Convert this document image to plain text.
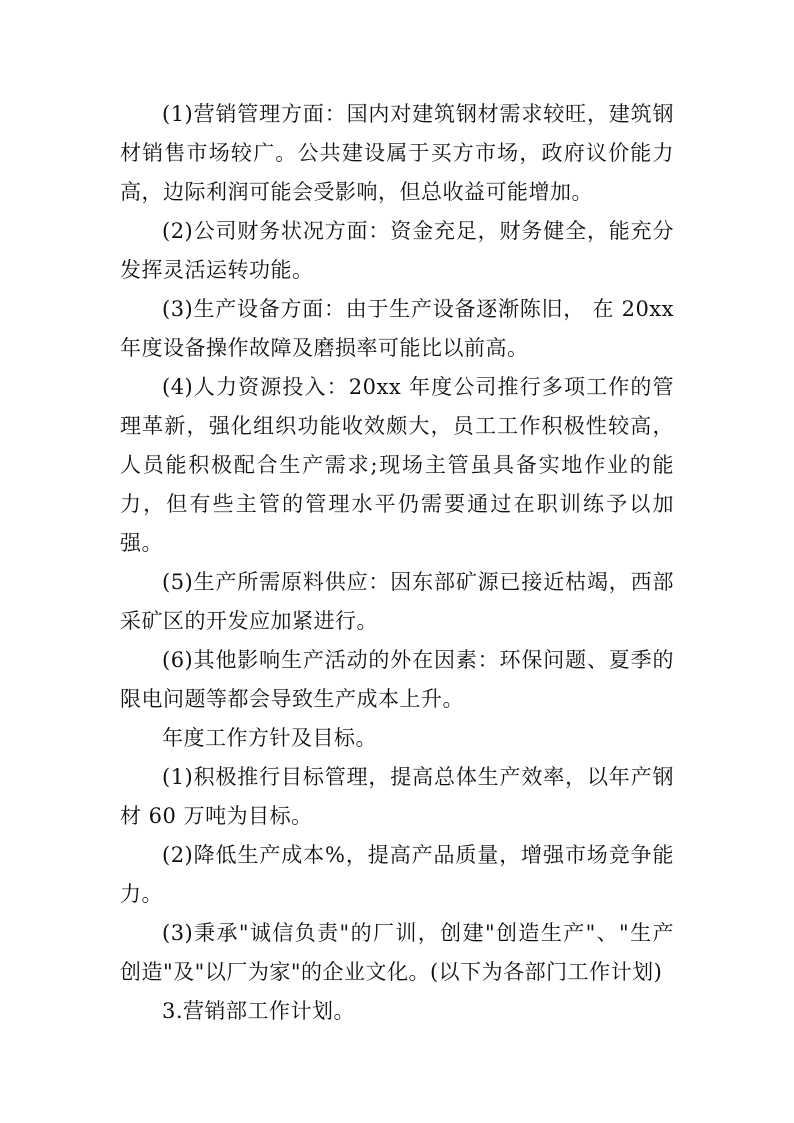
(1)营销管理方面：国内对建筑钢材需求较旺，建筑钢材销售市场较广。公共建设属于买方市场，政府议价能力高，边际利润可能会受影响，但总收益可能增加。

(2)公司财务状况方面：资金充足，财务健全，能充分发挥灵活运转功能。

(3)生产设备方面：由于生产设备逐渐陈旧， 在 20xx 年度设备操作故障及磨损率可能比以前高。

(4)人力资源投入：20xx 年度公司推行多项工作的管理革新，强化组织功能收效颇大，员工工作积极性较高，人员能积极配合生产需求;现场主管虽具备实地作业的能力，但有些主管的管理水平仍需要通过在职训练予以加强。

(5)生产所需原料供应：因东部矿源已接近枯竭，西部采矿区的开发应加紧进行。

(6)其他影响生产活动的外在因素：环保问题、夏季的限电问题等都会导致生产成本上升。

年度工作方针及目标。

(1)积极推行目标管理，提高总体生产效率，以年产钢材 60 万吨为目标。

(2)降低生产成本%，提高产品质量，增强市场竞争能力。

(3)秉承"诚信负责"的厂训，创建"创造生产"、"生产创造"及"以厂为家"的企业文化。(以下为各部门工作计划)

3.营销部工作计划。
